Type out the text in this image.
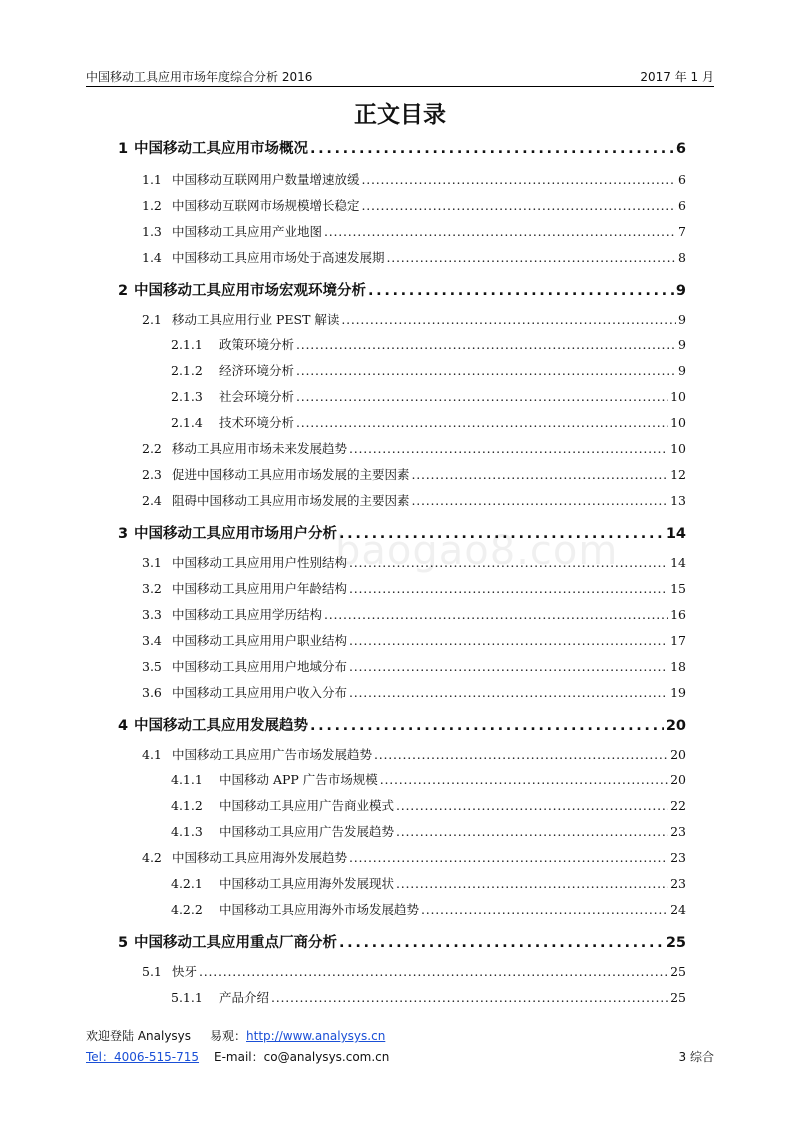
中国移动工具应用市场年度综合分析 2016	2017 年 1 月
正文目录
baogao8.com
1 中国移动工具应用市场概况 . . .	6
1.1 中国移动互联网用户数量增速放缓 . . .	6
1.2 中国移动互联网市场规模增长稳定 . . .	6
1.3 中国移动工具应用产业地图 . . .	7
1.4 中国移动工具应用市场处于高速发展期 . . .	8
2 中国移动工具应用市场宏观环境分析 . . .	9
2.1 移动工具应用行业 PEST 解读 . . .	9
2.1.1	政策环境分析 . . .	9
2.1.2	经济环境分析 . . .	9
2.1.3	社会环境分析 . . .	10
2.1.4	技术环境分析 . . .	10
2.2 移动工具应用市场未来发展趋势 . . .	10
2.3 促进中国移动工具应用市场发展的主要因素 . . .	12
2.4 阻碍中国移动工具应用市场发展的主要因素 . . .	13
3 中国移动工具应用市场用户分析 . . .	14
3.1 中国移动工具应用用户性别结构 . . .	14
3.2 中国移动工具应用用户年龄结构 . . .	15
3.3 中国移动工具应用学历结构 . . .	16
3.4 中国移动工具应用用户职业结构 . . .	17
3.5 中国移动工具应用用户地域分布 . . .	18
3.6 中国移动工具应用用户收入分布 . . .	19
4 中国移动工具应用发展趋势 . . .	20
4.1 中国移动工具应用广告市场发展趋势 . . .	20
4.1.1	中国移动 APP 广告市场规模 . . .	20
4.1.2	中国移动工具应用广告商业模式 . . .	22
4.1.3	中国移动工具应用广告发展趋势 . . .	23
4.2 中国移动工具应用海外发展趋势 . . .	23
4.2.1	中国移动工具应用海外发展现状 . . .	23
4.2.2	中国移动工具应用海外市场发展趋势 . . .	24
5 中国移动工具应用重点厂商分析 . . .	25
5.1 快牙 . . .	25
5.1.1	产品介绍 . . .	25
欢迎登陆 Analysys 易观：http://www.analysys.cn
Tel：4006-515-715 E-mail：co@analysys.com.cn	3 综合
